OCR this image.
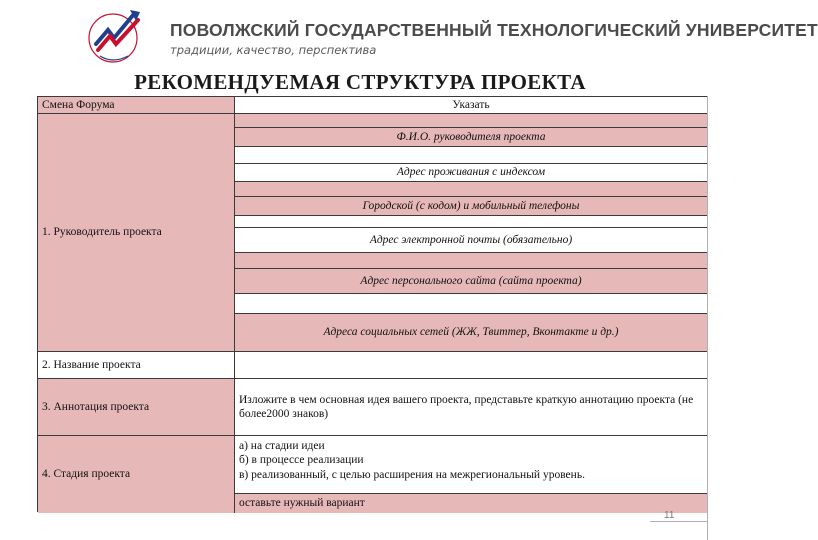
ПОВОЛЖСКИЙ ГОСУДАРСТВЕННЫЙ ТЕХНОЛОГИЧЕСКИЙ УНИВЕРСИТЕТ
традиции, качество, перспектива
РЕКОМЕНДУЕМАЯ СТРУКТУРА ПРОЕКТА
Смена Форума	Указать
1. Руководитель проекта
Ф.И.О. руководителя проекта
Адрес проживания с индексом
Городской (с кодом) и мобильный телефоны
Адрес электронной почты (обязательно)
Адрес персонального сайта (сайта проекта)
Адреса социальных сетей (ЖЖ, Твиттер, Вконтакте и др.)
2. Название проекта
3. Аннотация проекта
Изложите в чем основная идея вашего проекта, представьте краткую аннотацию проекта (не более2000 знаков)
4. Стадия проекта
а) на стадии идеи
б) в процессе реализации
в) реализованный, с целью расширения на межрегиональный уровень.
оставьте нужный вариант
11
